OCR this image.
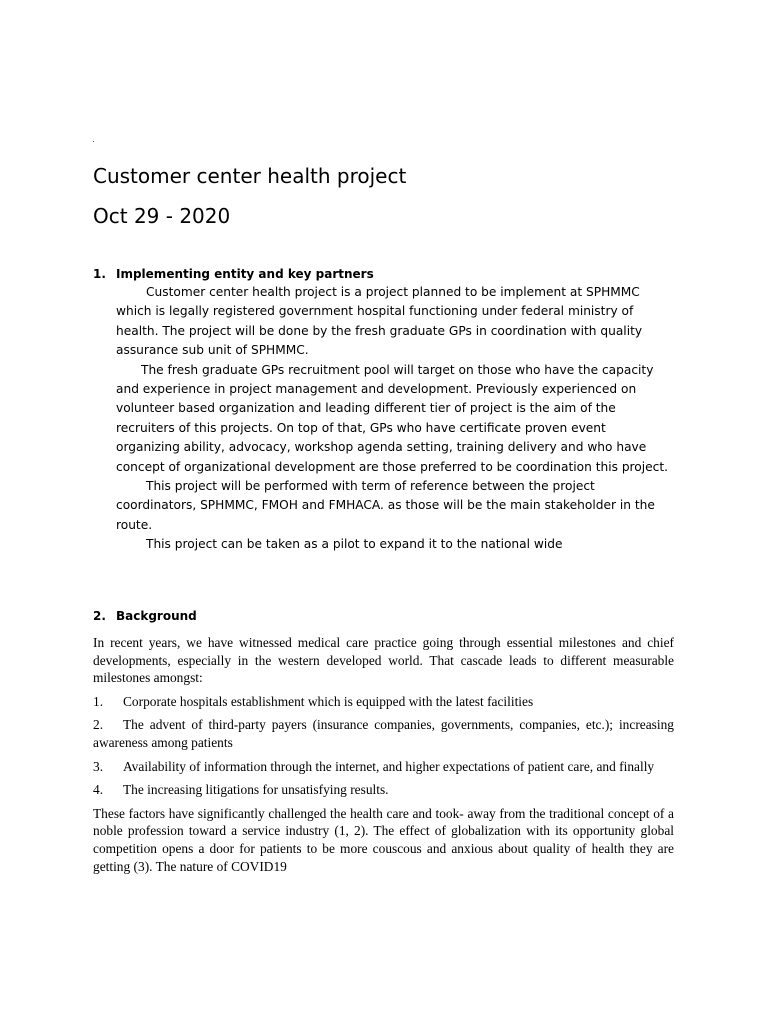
·
Customer center health project
Oct 29 - 2020
1. Implementing entity and key partners

Customer center health project is a project planned to be implement at SPHMMC which is legally registered government hospital functioning under federal ministry of health. The project will be done by the fresh graduate GPs in coordination with quality assurance sub unit of SPHMMC.

The fresh graduate GPs recruitment pool will target on those who have the capacity and experience in project management and development. Previously experienced on volunteer based organization and leading different tier of project is the aim of the recruiters of this projects. On top of that, GPs who have certificate proven event organizing ability, advocacy, workshop agenda setting, training delivery and who have concept of organizational development are those preferred to be coordination this project.

This project will be performed with term of reference between the project coordinators, SPHMMC, FMOH and FMHACA. as those will be the main stakeholder in the route.

This project can be taken as a pilot to expand it to the national wide

2. Background

In recent years, we have witnessed medical care practice going through essential milestones and chief developments, especially in the western developed world. That cascade leads to different measurable milestones amongst:

1. Corporate hospitals establishment which is equipped with the latest facilities

2. The advent of third-party payers (insurance companies, governments, companies, etc.); increasing awareness among patients

3. Availability of information through the internet, and higher expectations of patient care, and finally

4. The increasing litigations for unsatisfying results.

These factors have significantly challenged the health care and took- away from the traditional concept of a noble profession toward a service industry (1, 2). The effect of globalization with its opportunity global competition opens a door for patients to be more couscous and anxious about quality of health they are getting (3). The nature of COVID19
